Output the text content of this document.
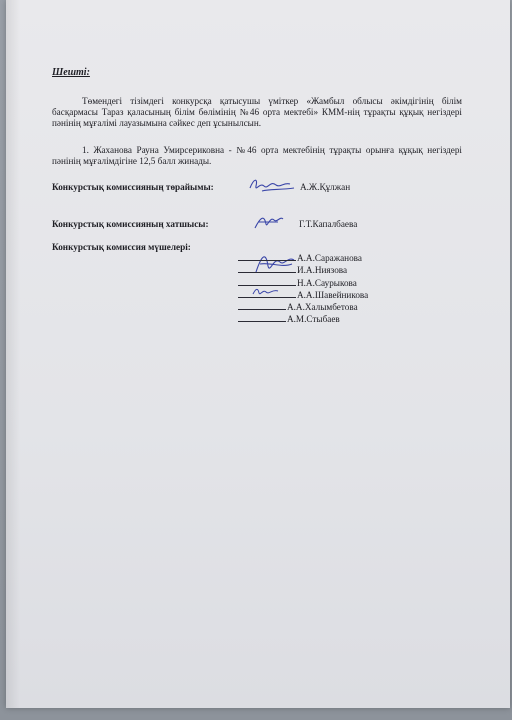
Шешті:
Төмендегі тізімдегі конкурсқа қатысушы үміткер «Жамбыл облысы әкімдігінің білім басқармасы Тараз қаласының білім бөлімінің №46 орта мектебі» КММ-нің тұрақты құқық негіздері пәнінің мұғалімі лауазымына сәйкес деп ұсынылсын.
1. Жаханова Рауна Умирсериковна - №46 орта мектебінің тұрақты орынға құқық негіздері пәнінің мұғалімдігіне 12,5 балл жинады.
Конкурстық комиссияның төрайымы:	А.Ж.Құлжан
Конкурстық комиссияның хатшысы:	Г.Т.Капалбаева
Конкурстық комиссия мүшелері:
А.А.Саражанова
И.А.Ниязова
Н.А.Саурыкова
А.А.Шавейникова
А.А.Халымбетова
А.М.Стыбаев
